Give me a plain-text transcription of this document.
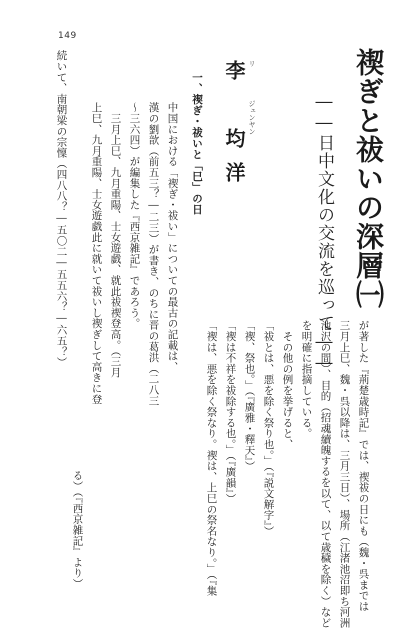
149
禊ぎと祓いの深層㈠
――日中文化の交流を巡って――
李　均洋 リ
ジュンヤン
一、禊ぎ・祓いと「巳」の日
中国における「禊ぎ・祓い」についての最古の記載は、
漢の劉歆（前五三？―二三）が書き、のちに晋の葛洪（二八三
～三六四）が編集した『西京雑記』であろう。
　三月上巳、九月重陽、士女遊戯、就此祓禊登高。（三月
上巳、九月重陽、士女遊戯此に就いて祓いし禊ぎして高きに登
る）（『西京雑記』より）
続いて、南朝梁の宗懍（四八八？―五〇二―五五六？―六五？）
が著した『荊楚歳時記』では、禊祓の日にも（魏・呉までは
三月上巳、魏・呉以降は、三月三日）、場所（江渚池沼即ち河洲
池沢の間）、目的（招魂續魄するを以て、以て歳穢を除く）など
を明確に指摘している。
　その他の例を挙げると、
「祓とは、悪を除く祭り也。」（『説文解字』）
「禊、祭也。」（『廣雅・釋天』）
「禊は不祥を祓除する也。」（『廣韻』）
「禊は、悪を除く祭なり。禊は、上巳の祭名なり。」（『集
